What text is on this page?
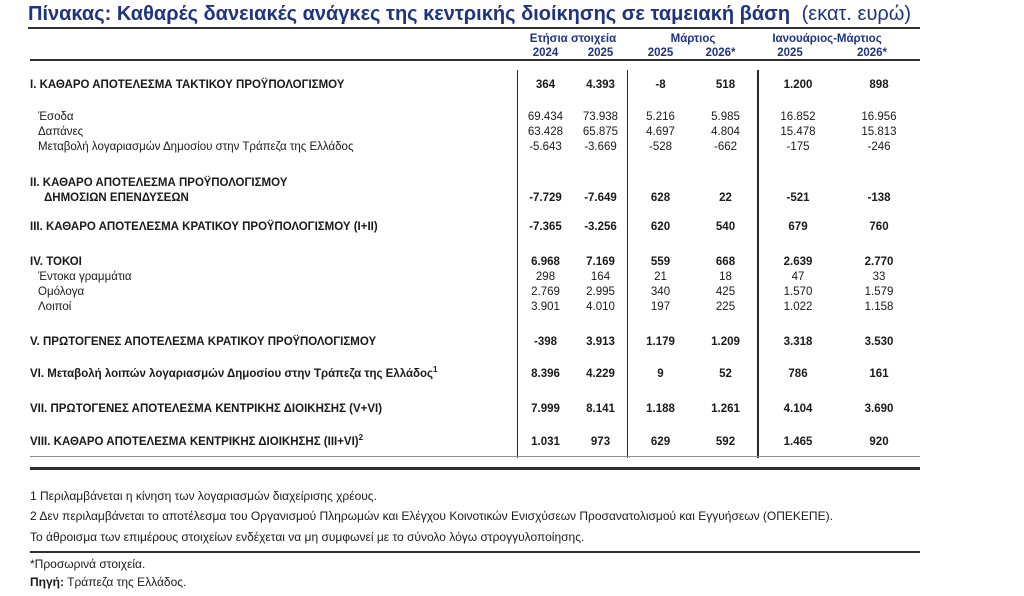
Πίνακας: Καθαρές δανειακές ανάγκες της κεντρικής διοίκησης σε ταμειακή βάση (εκατ. ευρώ)
Ετήσια στοιχεία	Μάρτιος	Ιανουάριος-Μάρτιος
2024	2025	2025	2026*	2025	2026*
I. ΚΑΘΑΡΟ ΑΠΟΤΕΛΕΣΜΑ ΤΑΚΤΙΚΟΥ ΠΡΟΫΠΟΛΟΓΙΣΜΟΥ	364	4.393	-8	518	1.200	898
Έσοδα	69.434	73.938	5.216	5.985	16.852	16.956
Δαπάνες	63.428	65.875	4.697	4.804	15.478	15.813
Μεταβολή λογαριασμών Δημοσίου στην Τράπεζα της Ελλάδος	-5.643	-3.669	-528	-662	-175	-246
II. ΚΑΘΑΡΟ ΑΠΟΤΕΛΕΣΜΑ ΠΡΟΫΠΟΛΟΓΙΣΜΟΥ
ΔΗΜΟΣΙΩΝ ΕΠΕΝΔΥΣΕΩΝ	-7.729	-7.649	628	22	-521	-138
III. ΚΑΘΑΡΟ ΑΠΟΤΕΛΕΣΜΑ ΚΡΑΤΙΚΟΥ ΠΡΟΫΠΟΛΟΓΙΣΜΟΥ (I+II)	-7.365	-3.256	620	540	679	760
IV. ΤΟΚΟΙ	6.968	7.169	559	668	2.639	2.770
Έντοκα γραμμάτια	298	164	21	18	47	33
Ομόλογα	2.769	2.995	340	425	1.570	1.579
Λοιποί	3.901	4.010	197	225	1.022	1.158
V. ΠΡΩΤΟΓΕΝΕΣ ΑΠΟΤΕΛΕΣΜΑ ΚΡΑΤΙΚΟΥ ΠΡΟΫΠΟΛΟΓΙΣΜΟΥ	-398	3.913	1.179	1.209	3.318	3.530
VI. Μεταβολή λοιπών λογαριασμών Δημοσίου στην Τράπεζα της Ελλάδος$^1$	8.396	4.229	9	52	786	161
VII. ΠΡΩΤΟΓΕΝΕΣ ΑΠΟΤΕΛΕΣΜΑ ΚΕΝΤΡΙΚΗΣ ΔΙΟΙΚΗΣΗΣ (V+VI)	7.999	8.141	1.188	1.261	4.104	3.690
VIII. ΚΑΘΑΡΟ ΑΠΟΤΕΛΕΣΜΑ ΚΕΝΤΡΙΚΗΣ ΔΙΟΙΚΗΣΗΣ $(III+VI)^2$	1.031	973	629	592	1.465	920
1 Περιλαμβάνεται η κίνηση των λογαριασμών διαχείρισης χρέους.
2 Δεν περιλαμβάνεται το αποτέλεσμα του Οργανισμού Πληρωμών και Ελέγχου Κοινοτικών Ενισχύσεων Προσανατολισμού και Εγγυήσεων (ΟΠΕΚΕΠΕ).
Το άθροισμα των επιμέρους στοιχείων ενδέχεται να μη συμφωνεί με το σύνολο λόγω στρογγυλοποίησης.
*Προσωρινά στοιχεία.
Πηγή: Τράπεζα της Ελλάδος.
